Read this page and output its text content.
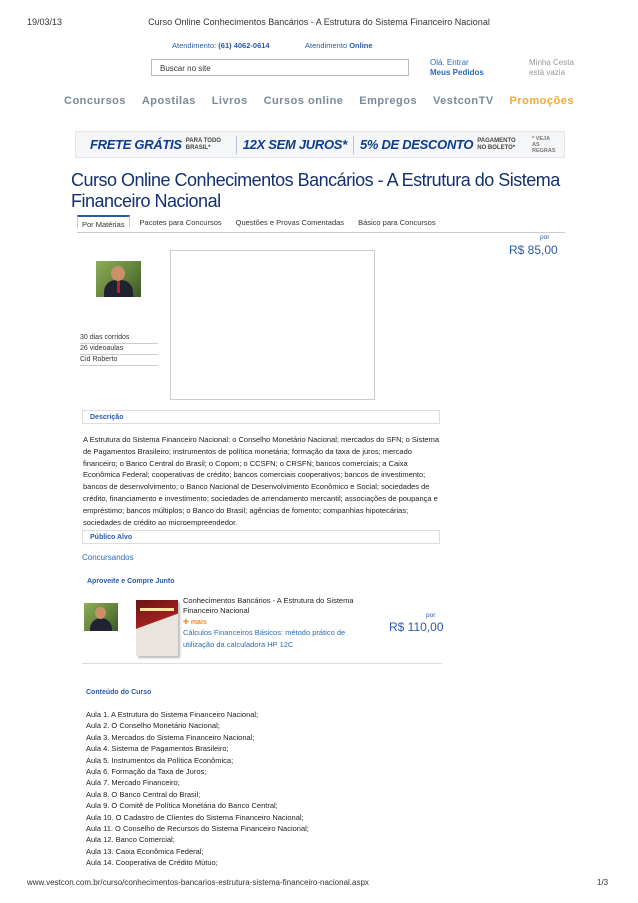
19/03/13	Curso Online Conhecimentos Bancários - A Estrutura do Sistema Financeiro Nacional
Atendimento: (61) 4062-0614	Atendimento Online
Buscar no site
Olá. Entrar
Meus Pedidos
Minha Cesta
está vazia
Concursos Apostilas Livros Cursos online Empregos VestconTV Promoções
FRETE GRÁTIS PARA TODO BRASIL*	12X SEM JUROS* 5% DE DESCONTO PAGAMENTO NO BOLETO*
* VEJA AS REGRAS
Curso Online Conhecimentos Bancários - A Estrutura do Sistema Financeiro Nacional
Por Matérias	Pacotes para Concursos	Questões e Provas Comentadas	Básico para Concursos
por
R$ 85,00
30 dias corridos
26 videoaulas
Cid Roberto
Descrição
A Estrutura do Sistema Financeiro Nacional: o Conselho Monetário Nacional; mercados do SFN; o Sistema de Pagamentos Brasileiro; instrumentos de política monetária; formação da taxa de juros; mercado financeiro; o Banco Central do Brasil; o Copom; o CCSFN; o CRSFN; bancos comerciais; a Caixa Econômica Federal; cooperativas de crédito; bancos comerciais cooperativos; bancos de investimento; bancos de desenvolvimento; o Banco Nacional de Desenvolvimento Econômico e Social; sociedades de crédito, financiamento e investimento; sociedades de arrendamento mercantil; associações de poupança e empréstimo; bancos múltiplos; o Banco do Brasil; agências de fomento; companhias hipotecárias; sociedades de crédito ao microempreendedor.
Público Alvo
Concursandos
Aproveite e Compre Junto
Conhecimentos Bancários - A Estrutura do Sistema Financeiro Nacional
✚ mais
Cálculos Financeiros Básicos: método prático de utilização da calculadora HP 12C
por
R$ 110,00
Conteúdo do Curso
Aula 1. A Estrutura do Sistema Financeiro Nacional;
Aula 2. O Conselho Monetário Nacional;
Aula 3. Mercados do Sistema Financeiro Nacional;
Aula 4. Sistema de Pagamentos Brasileiro;
Aula 5. Instrumentos da Política Econômica;
Aula 6. Formação da Taxa de Juros;
Aula 7. Mercado Financeiro;
Aula 8. O Banco Central do Brasil;
Aula 9. O Comitê de Política Monetária do Banco Central;
Aula 10. O Cadastro de Clientes do Sistema Financeiro Nacional;
Aula 11. O Conselho de Recursos do Sistema Financeiro Nacional;
Aula 12. Banco Comercial;
Aula 13. Caixa Econômica Federal;
Aula 14. Cooperativa de Crédito Mútuo;
www.vestcon.com.br/curso/conhecimentos-bancarios-estrutura-sistema-financeiro-nacional.aspx	1/3
